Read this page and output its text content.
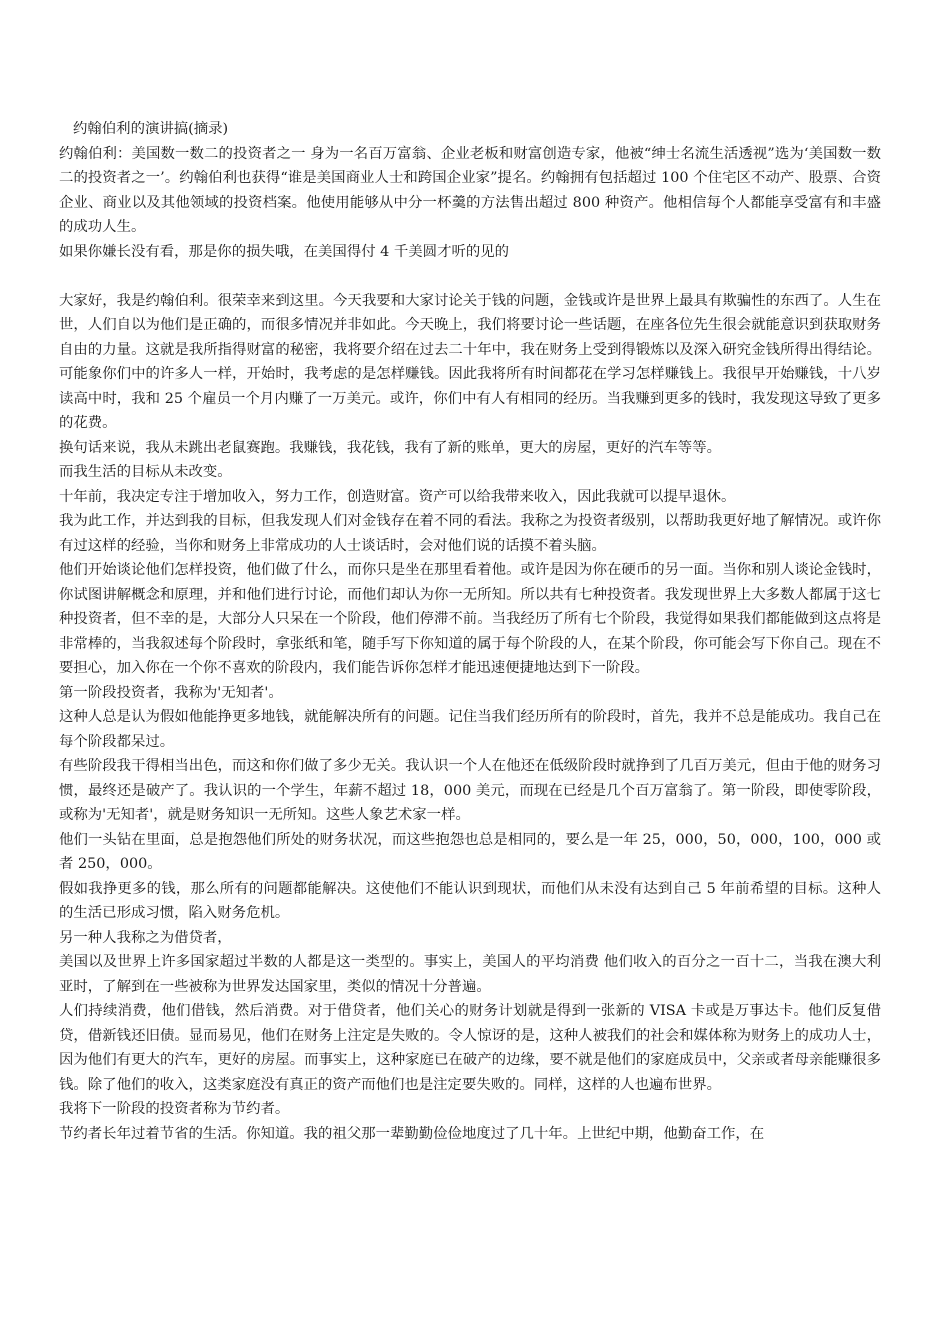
约翰伯利的演讲搞(摘录)

约翰伯利：美国数一数二的投资者之一 身为一名百万富翁、企业老板和财富创造专家，他被“绅士名流生活透视”选为‘美国数一数二的投资者之一’。约翰伯利也获得“谁是美国商业人士和跨国企业家”提名。约翰拥有包括超过 100 个住宅区不动产、股票、合资企业、商业以及其他领域的投资档案。他使用能够从中分一杯羹的方法售出超过 800 种资产。他相信每个人都能享受富有和丰盛的成功人生。

如果你嫌长没有看，那是你的损失哦，在美国得付 4 千美圆才听的见的

大家好，我是约翰伯利。很荣幸来到这里。今天我要和大家讨论关于钱的问题，金钱或许是世界上最具有欺骗性的东西了。人生在世，人们自以为他们是正确的，而很多情况并非如此。今天晚上，我们将要讨论一些话题，在座各位先生很会就能意识到获取财务自由的力量。这就是我所指得财富的秘密，我将要介绍在过去二十年中，我在财务上受到得锻炼以及深入研究金钱所得出得结论。可能象你们中的许多人一样，开始时，我考虑的是怎样赚钱。因此我将所有时间都花在学习怎样赚钱上。我很早开始赚钱，十八岁读高中时，我和 25 个雇员一个月内赚了一万美元。或许，你们中有人有相同的经历。当我赚到更多的钱时，我发现这导致了更多的花费。

换句话来说，我从未跳出老鼠赛跑。我赚钱，我花钱，我有了新的账单，更大的房屋，更好的汽车等等。

而我生活的目标从未改变。

十年前，我决定专注于增加收入，努力工作，创造财富。资产可以给我带来收入，因此我就可以提早退休。

我为此工作，并达到我的目标，但我发现人们对金钱存在着不同的看法。我称之为投资者级别，以帮助我更好地了解情况。或许你有过这样的经验，当你和财务上非常成功的人士谈话时，会对他们说的话摸不着头脑。

他们开始谈论他们怎样投资，他们做了什么，而你只是坐在那里看着他。或许是因为你在硬币的另一面。当你和别人谈论金钱时，你试图讲解概念和原理，并和他们进行讨论，而他们却认为你一无所知。所以共有七种投资者。我发现世界上大多数人都属于这七种投资者，但不幸的是，大部分人只呆在一个阶段，他们停滞不前。当我经历了所有七个阶段，我觉得如果我们都能做到这点将是非常棒的，当我叙述每个阶段时，拿张纸和笔，随手写下你知道的属于每个阶段的人，在某个阶段，你可能会写下你自己。现在不要担心，加入你在一个你不喜欢的阶段内，我们能告诉你怎样才能迅速便捷地达到下一阶段。

第一阶段投资者，我称为'无知者'。

这种人总是认为假如他能挣更多地钱，就能解决所有的问题。记住当我们经历所有的阶段时，首先，我并不总是能成功。我自己在每个阶段都呆过。

有些阶段我干得相当出色，而这和你们做了多少无关。我认识一个人在他还在低级阶段时就挣到了几百万美元，但由于他的财务习惯，最终还是破产了。我认识的一个学生，年薪不超过 18，000 美元，而现在已经是几个百万富翁了。第一阶段，即使零阶段，或称为'无知者'，就是财务知识一无所知。这些人象艺术家一样。

他们一头钻在里面，总是抱怨他们所处的财务状况，而这些抱怨也总是相同的，要么是一年 25，000，50，000，100，000 或者 250，000。

假如我挣更多的钱，那么所有的问题都能解决。这使他们不能认识到现状，而他们从未没有达到自己 5 年前希望的目标。这种人的生活已形成习惯，陷入财务危机。

另一种人我称之为借贷者，

美国以及世界上许多国家超过半数的人都是这一类型的。事实上，美国人的平均消费 他们收入的百分之一百十二，当我在澳大利亚时，了解到在一些被称为世界发达国家里，类似的情况十分普遍。

人们持续消费，他们借钱，然后消费。对于借贷者，他们关心的财务计划就是得到一张新的 VISA 卡或是万事达卡。他们反复借贷，借新钱还旧债。显而易见，他们在财务上注定是失败的。令人惊讶的是，这种人被我们的社会和媒体称为财务上的成功人士，因为他们有更大的汽车，更好的房屋。而事实上，这种家庭已在破产的边缘，要不就是他们的家庭成员中，父亲或者母亲能赚很多钱。除了他们的收入，这类家庭没有真正的资产而他们也是注定要失败的。同样，这样的人也遍布世界。

我将下一阶段的投资者称为节约者。

节约者长年过着节省的生活。你知道。我的祖父那一辈勤勤俭俭地度过了几十年。上世纪中期，他勤奋工作，在
